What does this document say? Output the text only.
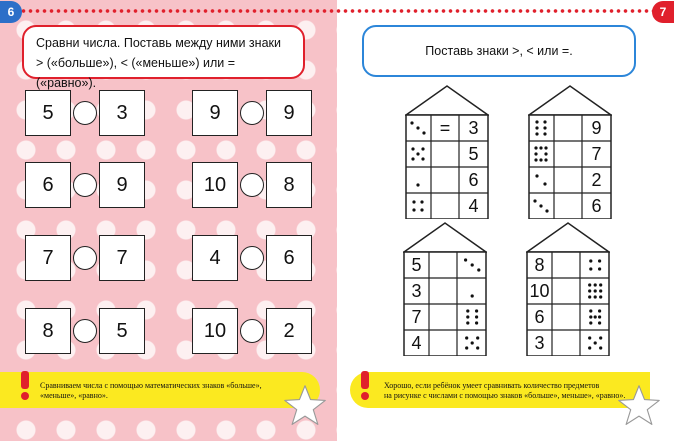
6	7
Сравни числа. Поставь между ними знаки
> («больше»), < («меньше») или = («равно»).
Поставь знаки >, < или =.
5	3	9	9
6	9	10	8
7	7	4	6
8	5	10	2
3
=
5
6
4
9
7
2
6
5
3
7
4
8
10
6
3
Сравниваем числа с помощью математических знаков «больше»,
«меньше», «равно».
Хорошо, если ребёнок умеет сравнивать количество предметов
на рисунке с числами с помощью знаков «больше», меньше», «равно».
